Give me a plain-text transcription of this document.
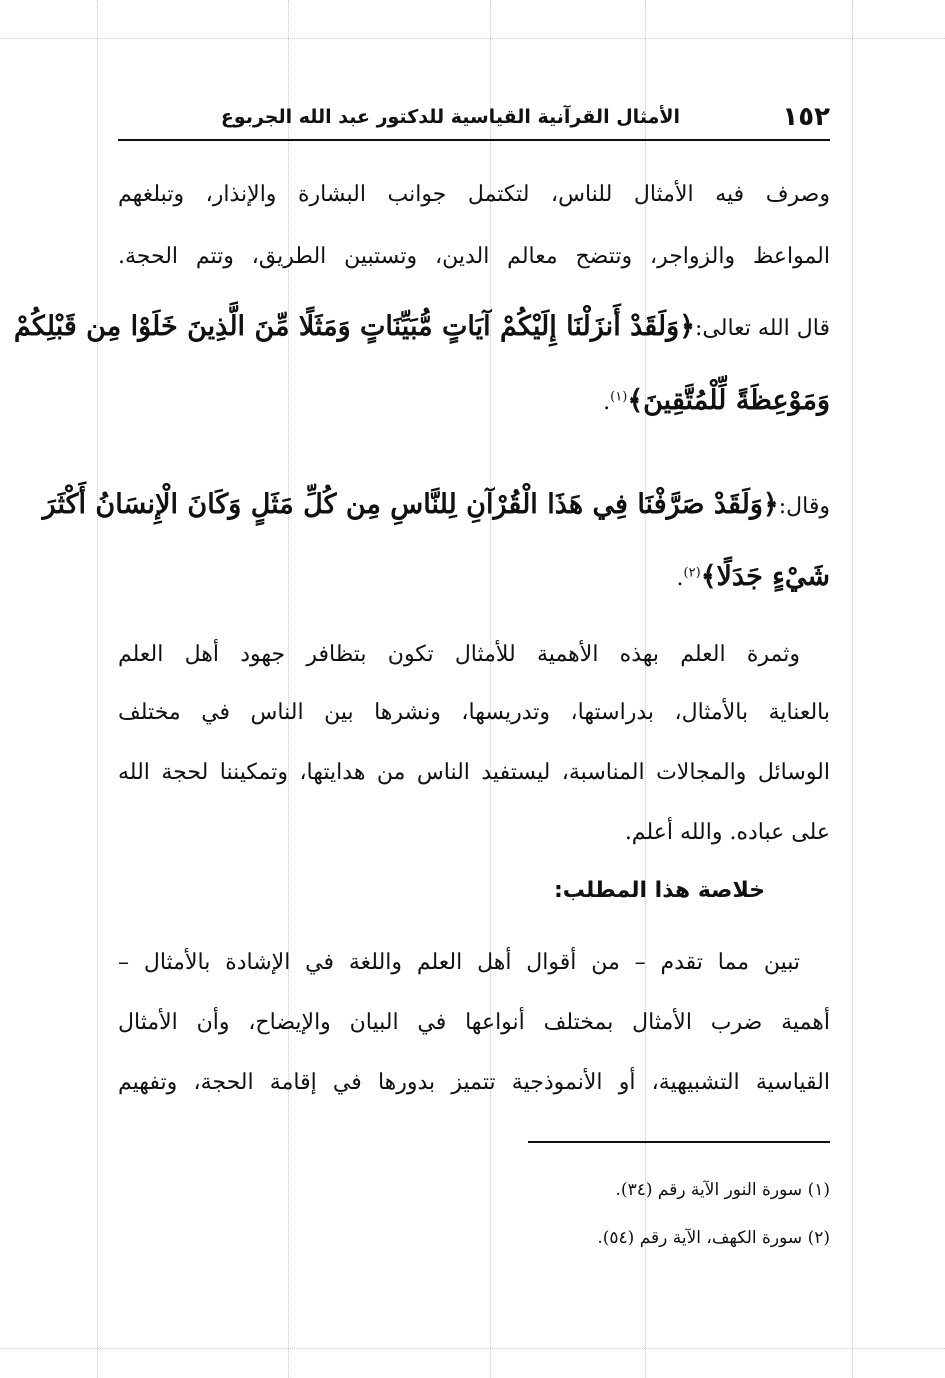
١٥٢
الأمثال القرآنية القياسية للدكتور عبد الله الجربوع
وصرف فيه الأمثال للناس، لتكتمل جوانب البشارة والإنذار، وتبلغهم
المواعظ والزواجر، وتتضح معالم الدين، وتستبين الطريق، وتتم الحجة.
قال الله تعالى:﴿وَلَقَدْ أَنزَلْنَا إِلَيْكُمْ آيَاتٍ مُّبَيِّنَاتٍ وَمَثَلًا مِّنَ الَّذِينَ خَلَوْا مِن قَبْلِكُمْ
وَمَوْعِظَةً لِّلْمُتَّقِينَ﴾$^{(١)}$.
وقال:﴿وَلَقَدْ صَرَّفْنَا فِي هَذَا الْقُرْآنِ لِلنَّاسِ مِن كُلِّ مَثَلٍ وَكَانَ الْإِنسَانُ أَكْثَرَ
شَيْءٍ جَدَلًا﴾$^{(٢)}$.
وثمرة العلم بهذه الأهمية للأمثال تكون بتظافر جهود أهل العلم
بالعناية بالأمثال، بدراستها، وتدريسها، ونشرها بين الناس في مختلف
الوسائل والمجالات المناسبة، ليستفيد الناس من هدايتها، وتمكيننا لحجة الله
على عباده. والله أعلم.
خلاصة هذا المطلب:
تبين مما تقدم – من أقوال أهل العلم واللغة في الإشادة بالأمثال –
أهمية ضرب الأمثال بمختلف أنواعها في البيان والإيضاح، وأن الأمثال
القياسية التشبيهية، أو الأنموذجية تتميز بدورها في إقامة الحجة، وتفهيم
(١) سورة النور الآية رقم (٣٤).
(٢) سورة الكهف، الآية رقم (٥٤).
